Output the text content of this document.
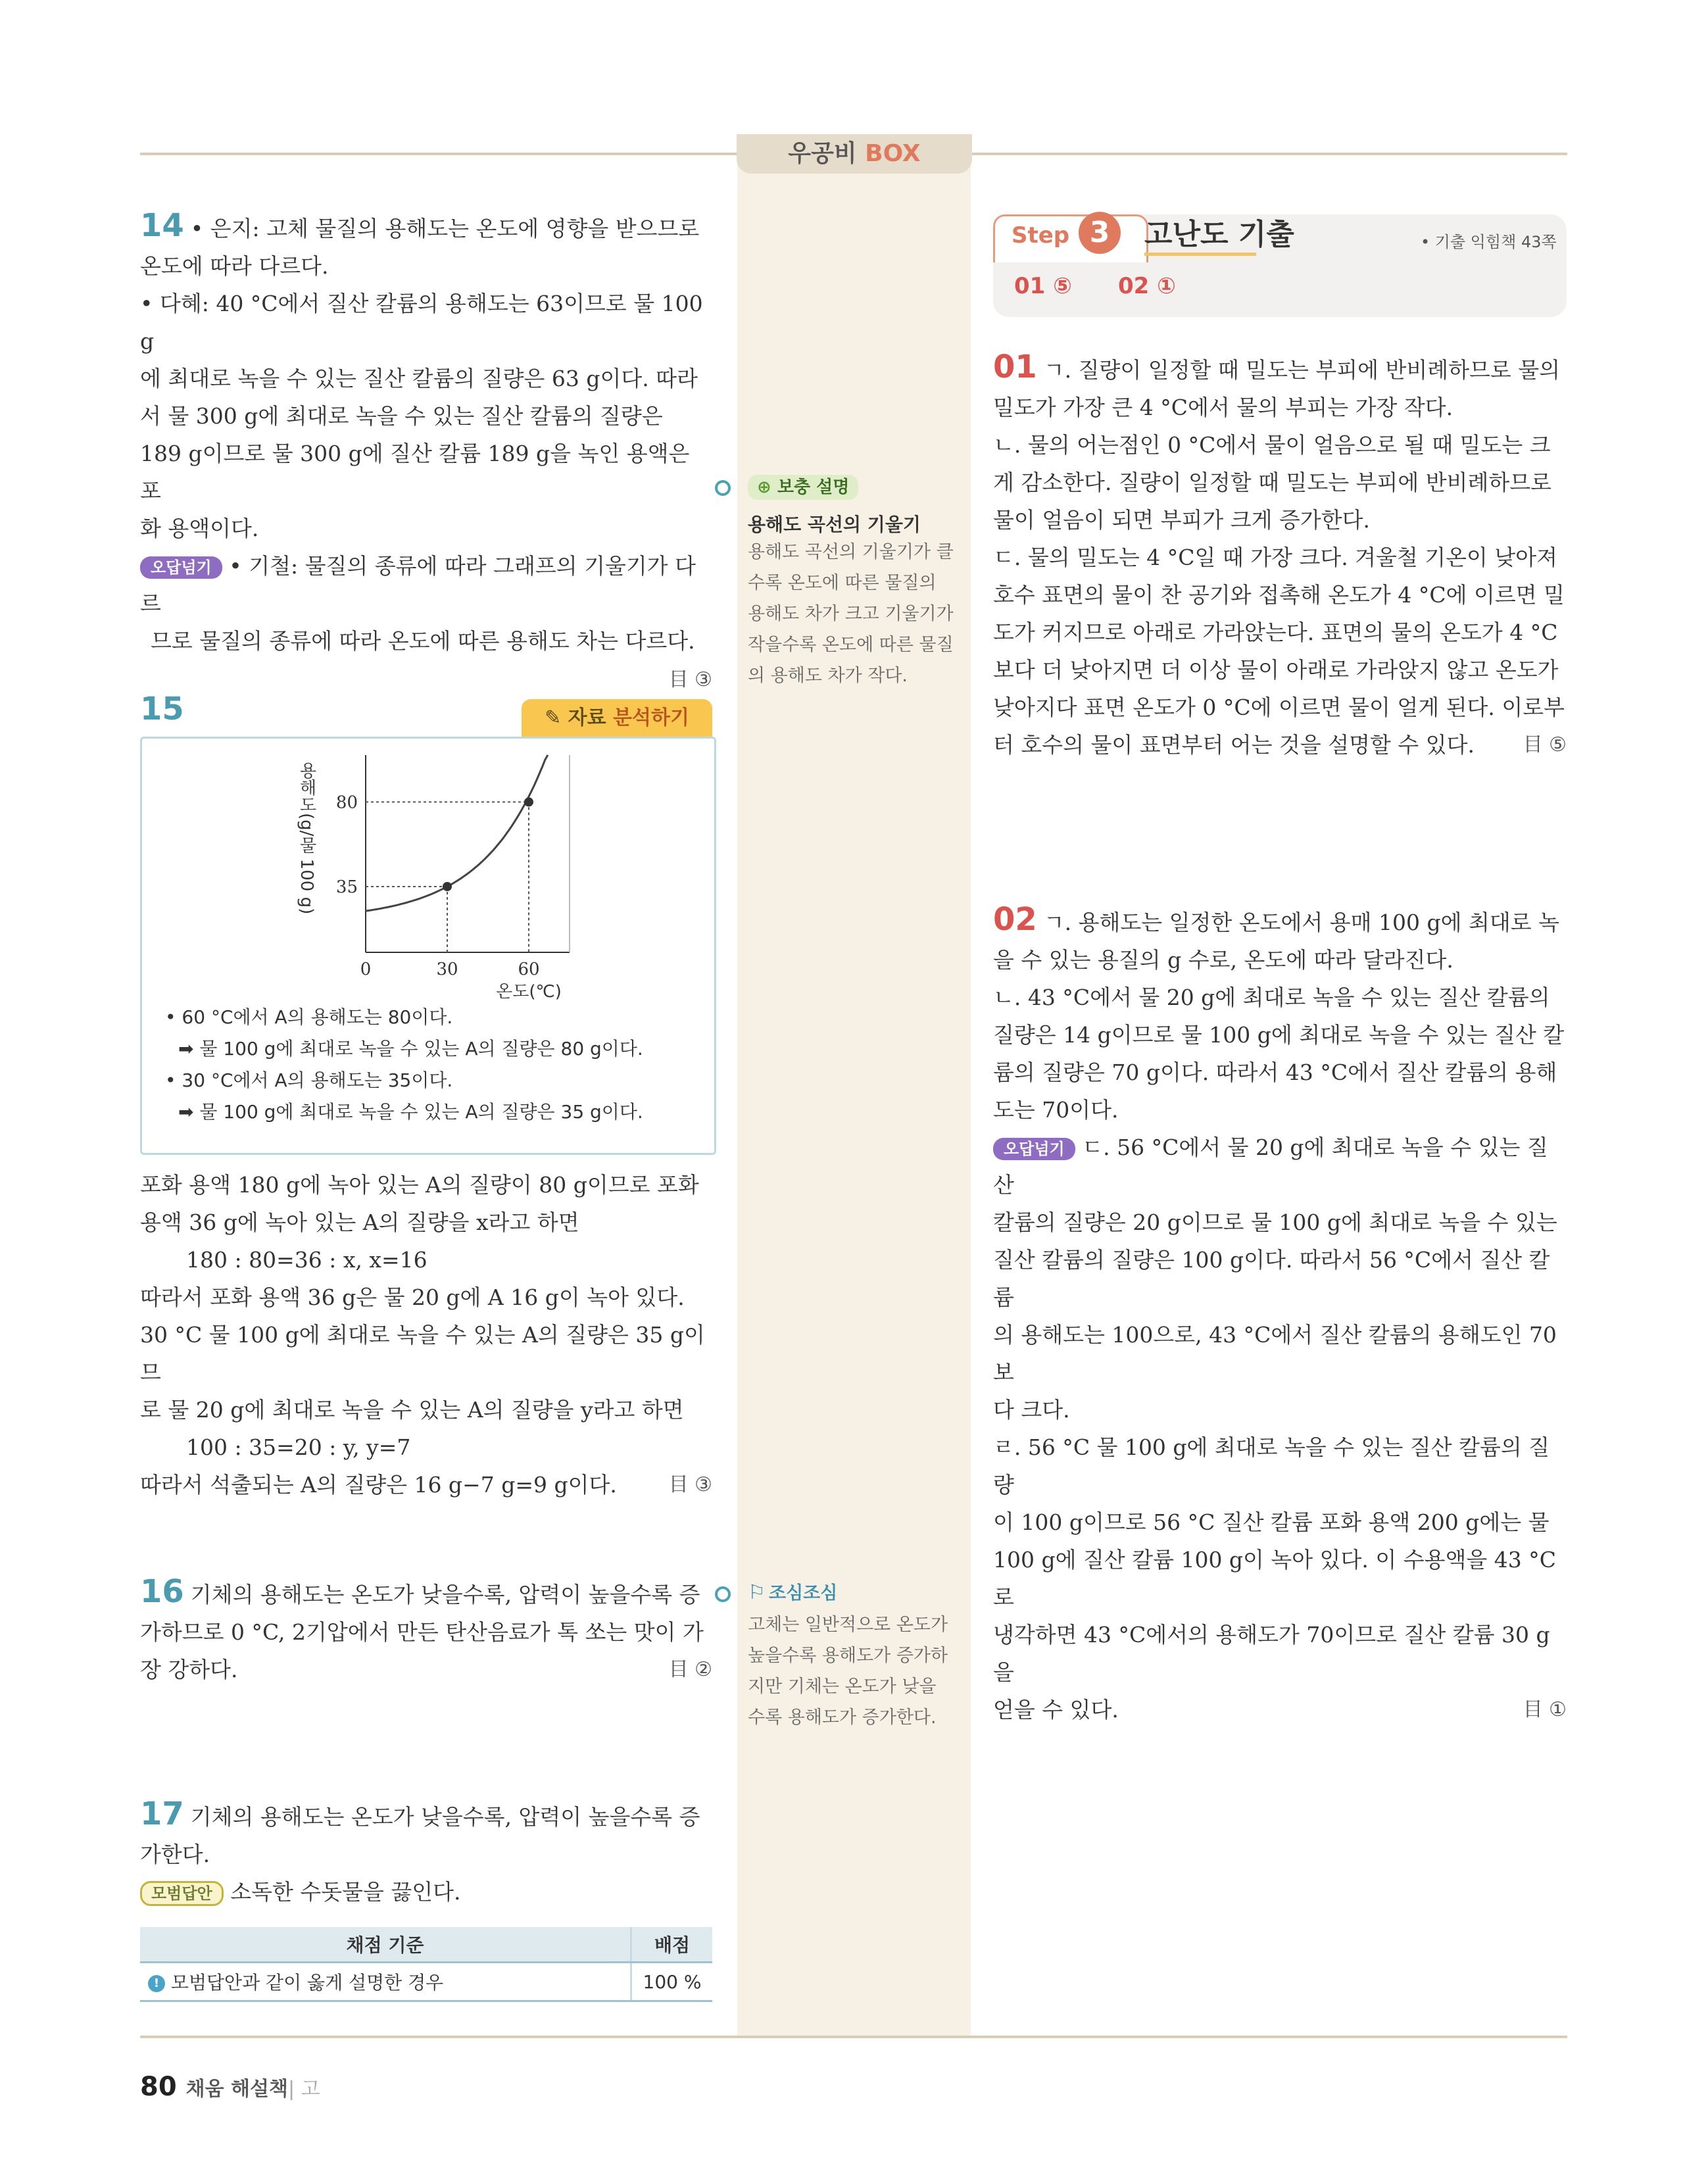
우공비 BOX
14 • 은지: 고체 물질의 용해도는 온도에 영향을 받으므로
온도에 따라 다르다.
• 다혜: 40 °C에서 질산 칼륨의 용해도는 63이므로 물 100 g
에 최대로 녹을 수 있는 질산 칼륨의 질량은 63 g이다. 따라
서 물 300 g에 최대로 녹을 수 있는 질산 칼륨의 질량은
189 g이므로 물 300 g에 질산 칼륨 189 g을 녹인 용액은 포
화 용액이다.
오답넘기 • 기철: 물질의 종류에 따라 그래프의 기울기가 다르
므로 물질의 종류에 따라 온도에 따른 용해도 차는 다르다.
目 ③
⊕ 보충 설명
용해도 곡선의 기울기
용해도 곡선의 기울기가 클
수록 온도에 따른 물질의
용해도 차가 크고 기울기가
작을수록 온도에 따른 물질
의 용해도 차가 작다.
15	✎ 자료 분석하기
0	30	60
35
80
온도(℃)
용해도(g/물 100 g)
• 60 °C에서 A의 용해도는 80이다.
➡ 물 100 g에 최대로 녹을 수 있는 A의 질량은 80 g이다.
• 30 °C에서 A의 용해도는 35이다.
➡ 물 100 g에 최대로 녹을 수 있는 A의 질량은 35 g이다.
포화 용액 180 g에 녹아 있는 A의 질량이 80 g이므로 포화
용액 36 g에 녹아 있는 A의 질량을 x라고 하면
180 : 80=36 : x, x=16
따라서 포화 용액 36 g은 물 20 g에 A 16 g이 녹아 있다.
30 °C 물 100 g에 최대로 녹을 수 있는 A의 질량은 35 g이므
로 물 20 g에 최대로 녹을 수 있는 A의 질량을 y라고 하면
100 : 35=20 : y, y=7
따라서 석출되는 A의 질량은 16 g−7 g=9 g이다.	目 ③
16 기체의 용해도는 온도가 낮을수록, 압력이 높을수록 증
가하므로 0 °C, 2기압에서 만든 탄산음료가 톡 쏘는 맛이 가
장 강하다.	目 ②
⚐ 조심조심
고체는 일반적으로 온도가
높을수록 용해도가 증가하
지만 기체는 온도가 낮을
수록 용해도가 증가한다.
17 기체의 용해도는 온도가 낮을수록, 압력이 높을수록 증
가한다.
모범답안 소독한 수돗물을 끓인다.
채점 기준	배점
! 모범답안과 같이 옳게 설명한 경우	100 %
Step 3	고난도 기출	• 기출 익힘책 43쪽
01 ⑤ 02 ①
01 ㄱ. 질량이 일정할 때 밀도는 부피에 반비례하므로 물의
밀도가 가장 큰 4 °C에서 물의 부피는 가장 작다.
ㄴ. 물의 어는점인 0 °C에서 물이 얼음으로 될 때 밀도는 크
게 감소한다. 질량이 일정할 때 밀도는 부피에 반비례하므로
물이 얼음이 되면 부피가 크게 증가한다.
ㄷ. 물의 밀도는 4 °C일 때 가장 크다. 겨울철 기온이 낮아져
호수 표면의 물이 찬 공기와 접촉해 온도가 4 °C에 이르면 밀
도가 커지므로 아래로 가라앉는다. 표면의 물의 온도가 4 °C
보다 더 낮아지면 더 이상 물이 아래로 가라앉지 않고 온도가
낮아지다 표면 온도가 0 °C에 이르면 물이 얼게 된다. 이로부
터 호수의 물이 표면부터 어는 것을 설명할 수 있다. 目 ⑤
02 ㄱ. 용해도는 일정한 온도에서 용매 100 g에 최대로 녹
을 수 있는 용질의 g 수로, 온도에 따라 달라진다.
ㄴ. 43 °C에서 물 20 g에 최대로 녹을 수 있는 질산 칼륨의
질량은 14 g이므로 물 100 g에 최대로 녹을 수 있는 질산 칼
륨의 질량은 70 g이다. 따라서 43 °C에서 질산 칼륨의 용해
도는 70이다.
오답넘기 ㄷ. 56 °C에서 물 20 g에 최대로 녹을 수 있는 질산
칼륨의 질량은 20 g이므로 물 100 g에 최대로 녹을 수 있는
질산 칼륨의 질량은 100 g이다. 따라서 56 °C에서 질산 칼륨
의 용해도는 100으로, 43 °C에서 질산 칼륨의 용해도인 70보
다 크다.
ㄹ. 56 °C 물 100 g에 최대로 녹을 수 있는 질산 칼륨의 질량
이 100 g이므로 56 °C 질산 칼륨 포화 용액 200 g에는 물
100 g에 질산 칼륨 100 g이 녹아 있다. 이 수용액을 43 °C로
냉각하면 43 °C에서의 용해도가 70이므로 질산 칼륨 30 g을
얻을 수 있다.	目 ①
80 채움 해설책| 고
